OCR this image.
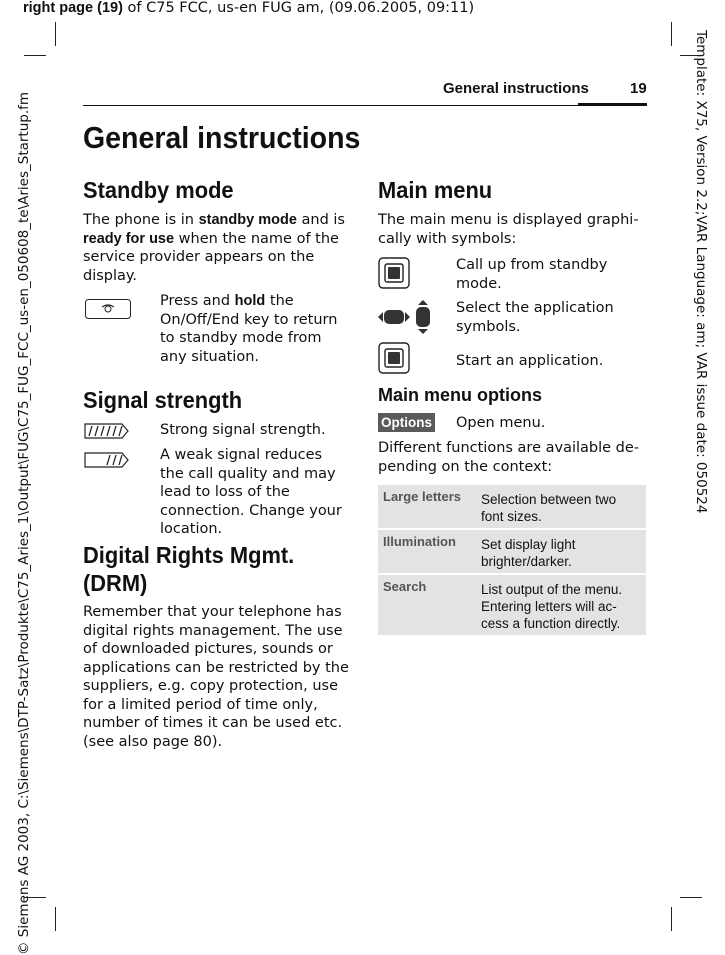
right page (19) of C75 FCC, us-en FUG am, (09.06.2005, 09:11)
© Siemens AG 2003, C:\Siemens\DTP-Satz\Produkte\C75_Aries_1\Output\FUG\C75_FUG_FCC_us-en_050608_te\Aries_Startup.fm	Template: X75, Version 2.2;VAR Language: am; VAR issue date: 050524
General instructions	19
General instructions
Standby mode
The phone is in standby mode and is ready for use when the name of the service provider appears on the display.
Press and hold the On/Off/End key to return to standby mode from any situation.
Signal strength
Strong signal strength.
A weak signal reduces the call quality and may lead to loss of the connection. Change your location.
Digital Rights Mgmt. (DRM)
Remember that your telephone has digital rights management. The use of downloaded pictures, sounds or applications can be restricted by the suppliers, e.g. copy protection, use for a limited period of time only, number of times it can be used etc. (see also page 80).
Main menu
The main menu is displayed graphi-cally with symbols:
Call up from standby mode.
Select the application symbols.
Start an application.
Main menu options
Options Open menu.
Different functions are available de-pending on the context:
Large letters	Selection between two font sizes.
Illumination	Set display light brighter/darker.
Search	List output of the menu. Entering letters will ac-cess a function directly.
